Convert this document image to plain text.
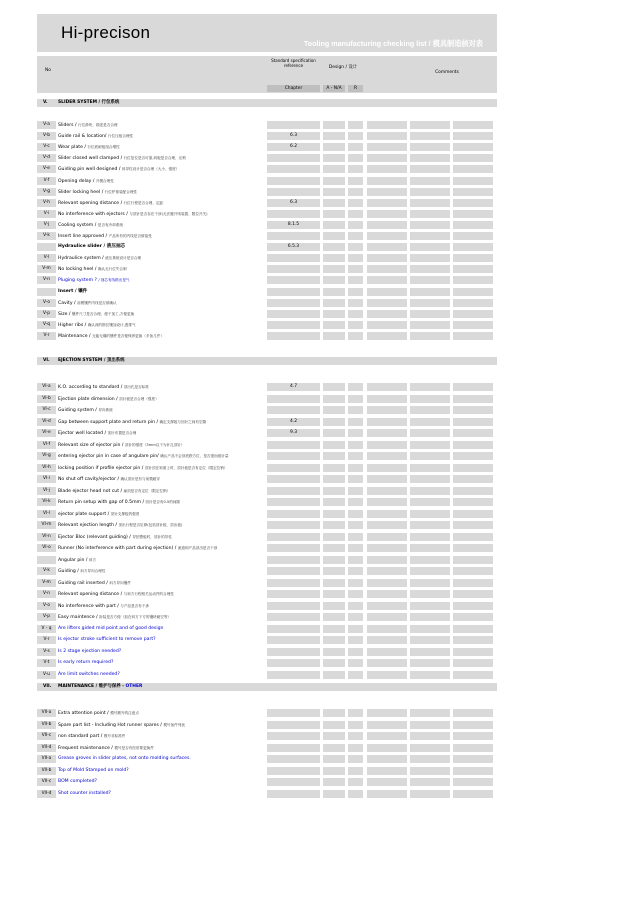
Hi-precison
Tooling manufacturing checking list / 模具制造核对表
No
Standard specification reference	Design / 设计
Comments
Chapter	A - N/A	R
V. SLIDER SYSTEM / 行位系统
V-a	Sliders / 行位滑块，描述是否合理
V-b	Guide rail & location/ 行位压板合理性	6.3
V-c	Wear plate / 行位底耐板组合增性	6.2
V-d	Slider closed well clamped / 行位复位是否可靠,斜板是否合理、压锁
V-e	Guiding pin well designed / 斜导柱设计是否合理（大小、强度）
V-f	Opening delay / 开模合理性
V-g	Slider locking heel / 行位铲基装配合理性
V-h	Relevant opening distance / 行位行程是否合理、定距	6.3
V-i	No interference with ejectors / 与顶针是否存在干涉(无法避开则装置、限位开关)
V-j	Cooling system / 是否有冷却系统	8.1.5
V-k	Insert line approved / 产品所有的内线是否被接受
Hydraulice slider / 液压抽芯	6.5.3
V-l	Hydraulice system / 液压系统设计是否合理
V-m	No locking heel / 确认无行位失合制
V-n	Pluging system ? / 抽芯有线路出是气
Insert / 镶件
V-o	Cavity / 前模镶件内线是否被确认
V-p	Size / 镶件尺寸是否合理，便于加工,方便更换
V-q	Higher ribs / 确认深的筋位镶加设计,透排气
V-r	Maintenance / 无能无爆的镶件是否便保养更换（多备几件）
VI. EJECTION SYSTEM / 顶出系统
VI-a	K.O. according to standard / 顶出孔是否标准	4.7
VI-b	Ejection plate dimension / 顶针板是否合理（强度）
VI-c	Guiding system / 导向系统
VI-d	Gap between support plate and return pin / 确定支撑板与回针之间有空隙	4.2
VI-e	Ejector well located / 顶针布置是否合理	9.3
VI-f	Relevant size of ejector pin / 顶针的强度（3mm以下为针扎顶针）
VI-g	entering ejector pin in case of angulare pin/ 确认产品不会顶底跌方位、是否蚕而留针量
VI-h	locking position if profile ejector pin / 顶针顶在斜面上时，顶针板是否有定位（限定位销）
VI-i	No shut off cavity/ejector / 确认顶针是有与前模碰穿
VI-j	Blade ejector head not cut / 扁顶是否有定位（限定位销）
VI-k	Return pin setup with gap of 0.5mm / 回针是否有0.5的间隙
VI-l	ejector plate support / 顶针支撑板的强度
VI-m	Relevant ejection length / 顶出行程是否足够(包括顶针板、顶出板)
VI-n	Ejector Bloc (relevant guiding) / 导拍整板时，顶针的导柱
VI-o	Runner (No interference with part during ejection) / 流道和产品顶出是否干涉
Angular pin / 斜方
V-k	Guiding / 斜方导向合理性
V-m	Guiding rail inserted / 斜方导向镶件
V-n	Relevant opening distance / 与斜方行程相关运动件的合理性
V-o	No interference with part / 与产品是否有干涉
V-p	Easy maintence / 拆装是否方便（加在斜方下方的镶块硬空等）
V - q	Are lifters gided mid point and of good design
V-r	Is ejector stroke sufficient to remove part?
V-s	Is 2 stage ejection needed?
V-t	Is early return required?
V-u	Are limit switches needed?
VII. MAINTENANCE / 维护与保养 - OTHER
VII-a	Extra attention point / 模号额外的注意点
VII-b	Spare part list - Including Hot runner spares / 模号备件列表
VII-c	non standard part / 模号非标准件
VII-d	Frequent maintenance / 模号是否有经常要更换件
VII-a	Grease groves in slider plates, not onto molding surfaces.
VII-b	Top of Mold Stamped on mold?
VII-c	BOM completed?
VII-d	Shot counter installed?
